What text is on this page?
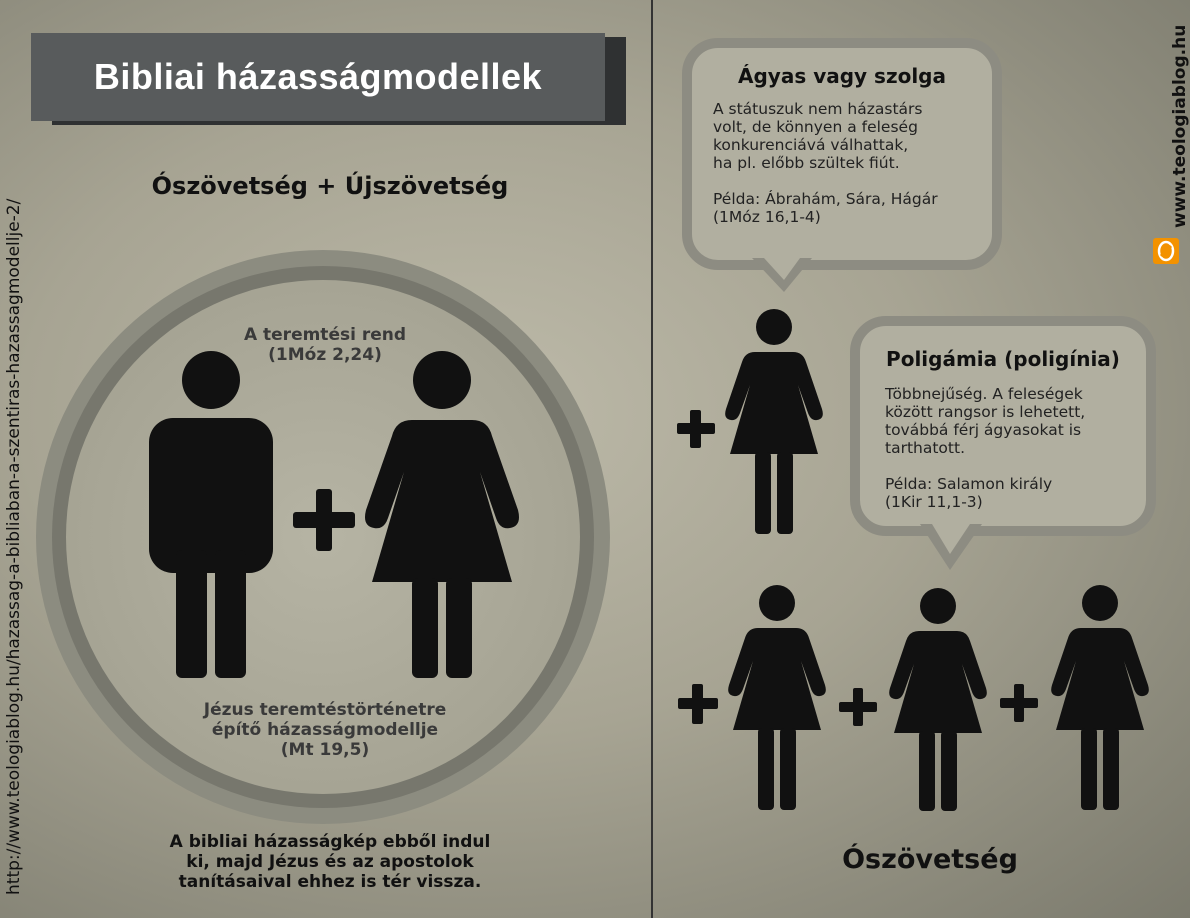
Bibliai házasságmodellek
http://www.teologiablog.hu/hazassag-a-bibliaban-a-szentiras-hazassagmodellje-2/
Ószövetség + Újszövetség
A teremtési rend
(1Móz 2,24)
Jézus teremtéstörténetre
építő házasságmodellje
(Mt 19,5)
A bibliai házasságkép ebből indul
ki, majd Jézus és az apostolok
tanításaival ehhez is tér vissza.
Ágyas vagy szolga
A státuszuk nem házastárs
volt, de könnyen a feleség
konkurenciává válhattak,
ha pl. előbb szültek fiút.

Példa: Ábrahám, Sára, Hágár
(1Móz 16,1-4)
Poligámia (poligínia)
Többnejűség. A feleségek
között rangsor is lehetett,
továbbá férj ágyasokat is
tarthatott.

Példa: Salamon király
(1Kir 11,1-3)
Ószövetség
www.teologiablog.hu
